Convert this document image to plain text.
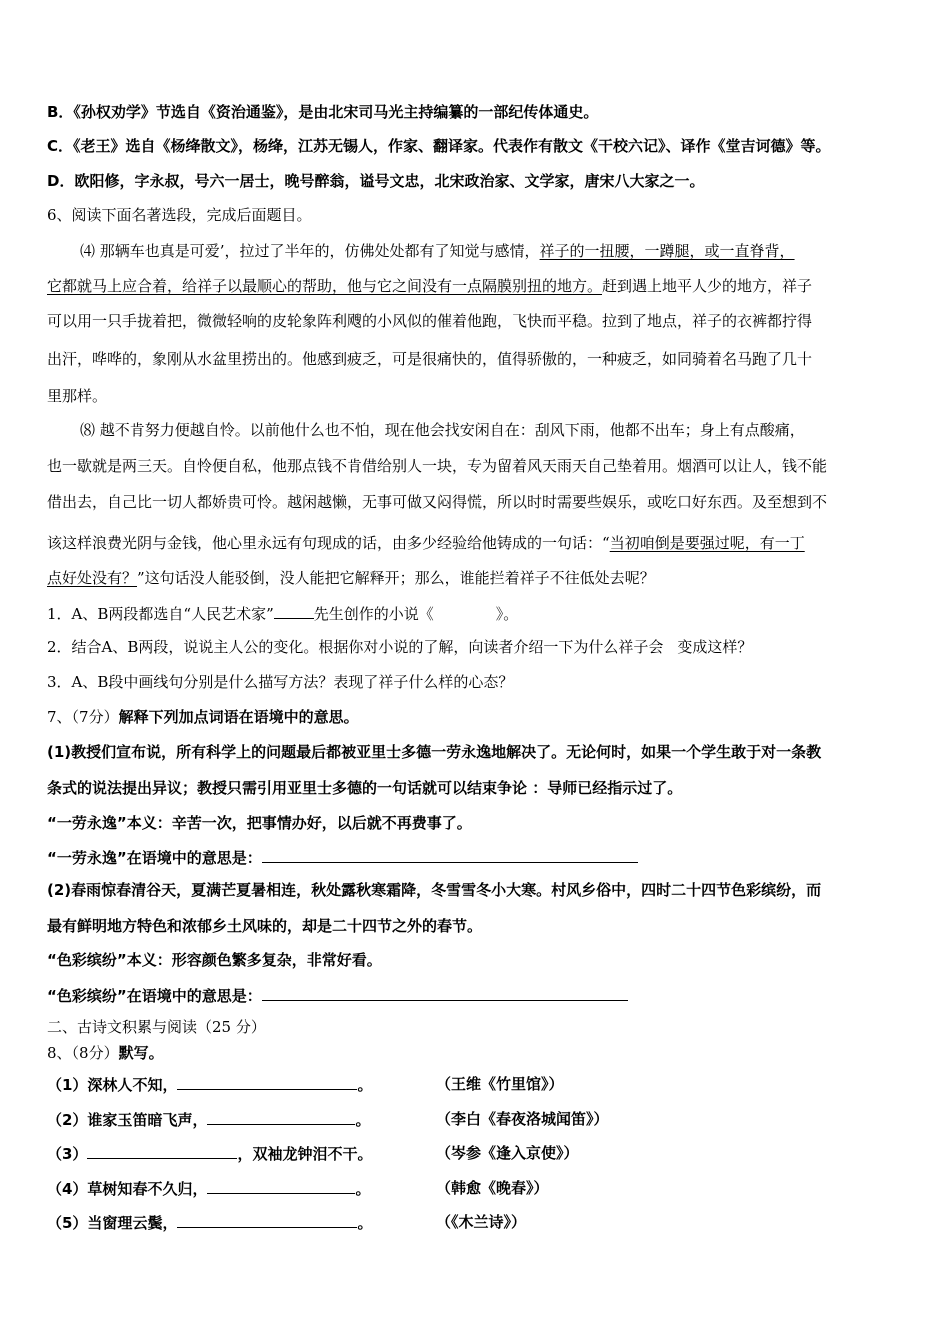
B．《孙权劝学》节选自《资治通鉴》，是由北宋司马光主持编纂的一部纪传体通史。
C．《老王》选自《杨绛散文》，杨绛，江苏无锡人，作家、翻译家。代表作有散文《干校六记》、译作《堂吉诃德》等。
D．欧阳修，字永叔，号六一居士，晚号醉翁，谥号文忠，北宋政治家、文学家，唐宋八大家之一。
6、阅读下面名著选段，完成后面题目。
⑷ 那辆车也真是可爱’，拉过了半年的，仿佛处处都有了知觉与感情，祥子的一扭腰，一蹲腿，或一直脊背，
它都就马上应合着，给祥子以最顺心的帮助，他与它之间没有一点隔膜别扭的地方。赶到遇上地平人少的地方，祥子
可以用一只手拢着把，微微轻响的皮轮象阵利飕的小风似的催着他跑，飞快而平稳。拉到了地点，祥子的衣裤都拧得
出汗，哗哗的，象刚从水盆里捞出的。他感到疲乏，可是很痛快的，值得骄傲的，一种疲乏，如同骑着名马跑了几十
里那样。
⑻ 越不肯努力便越自怜。以前他什么也不怕，现在他会找安闲自在：刮风下雨，他都不出车；身上有点酸痛，
也一歇就是两三天。自怜便自私，他那点钱不肯借给别人一块，专为留着风天雨天自己垫着用。烟酒可以让人，钱不能
借出去，自己比一切人都娇贵可怜。越闲越懒，无事可做又闷得慌，所以时时需要些娱乐，或吃口好东西。及至想到不
该这样浪费光阴与金钱，他心里永远有句现成的话，由多少经验给他铸成的一句话：“当初咱倒是要强过呢，有一丁
点好处没有？”这句话没人能驳倒，没人能把它解释开；那么，谁能拦着祥子不往低处去呢？
1．A、B两段都选自“人民艺术家”	先生创作的小说《	》。
2．结合A、B两段，说说主人公的变化。根据你对小说的了解，向读者介绍一下为什么祥子会 变成这样？
3．A、B段中画线句分别是什么描写方法？表现了祥子什么样的心态？
7、（7分）解释下列加点词语在语境中的意思。
(1)教授们宣布说，所有科学上的问题最后都被亚里士多德一劳永逸地解决了。无论何时，如果一个学生敢于对一条教
条式的说法提出异议；教授只需引用亚里士多德的一句话就可以结束争论 ：导师已经指示过了。
“一劳永逸”本义：辛苦一次，把事情办好，以后就不再费事了。
“一劳永逸”在语境中的意思是：
(2)春雨惊春清谷天，夏满芒夏暑相连，秋处露秋寒霜降，冬雪雪冬小大寒。村风乡俗中，四时二十四节色彩缤纷，而
最有鲜明地方特色和浓郁乡土风味的，却是二十四节之外的春节。
“色彩缤纷”本义：形容颜色繁多复杂，非常好看。
“色彩缤纷”在语境中的意思是：
二、古诗文积累与阅读（25 分）
8、（8分）默写。
（1）深林人不知，	。	（王维《竹里馆》）
（2）谁家玉笛暗飞声，	。	（李白《春夜洛城闻笛》）
（3）	，双袖龙钟泪不干。	（岑参《逢入京使》）
（4）草树知春不久归，	。	（韩愈《晚春》）
（5）当窗理云鬓，	。	（《木兰诗》）
